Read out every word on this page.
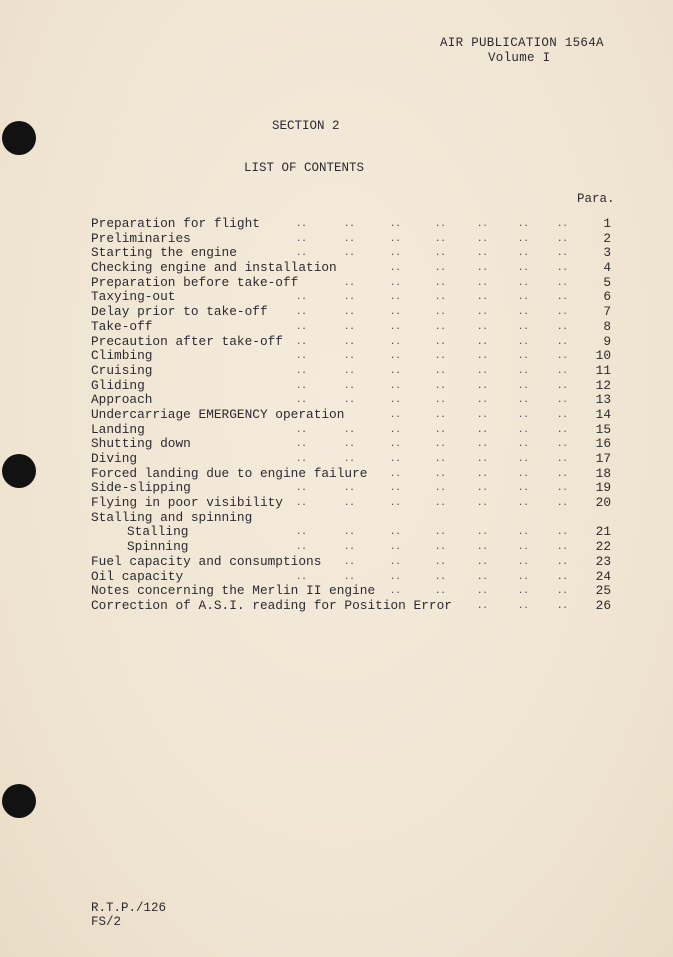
AIR PUBLICATION 1564A
Volume I
SECTION 2
LIST OF CONTENTS
Para.
Preparation for flight	1
..	..	..	..	..	..	..
Preliminaries	2
..	..	..	..	..	..	..
Starting the engine	3
..	..	..	..	..	..	..
Checking engine and installation	4
..	..	..	..	..
Preparation before take-off	5
..	..	..	..	..	..
Taxying-out	6
..	..	..	..	..	..	..
Delay prior to take-off	7
..	..	..	..	..	..	..
Take-off	8
..	..	..	..	..	..	..
Precaution after take-off	9
..	..	..	..	..	..	..
Climbing	10
..	..	..	..	..	..	..
Cruising	11
..	..	..	..	..	..	..
Gliding	12
..	..	..	..	..	..	..
Approach	13
..	..	..	..	..	..	..
Undercarriage EMERGENCY operation	14
..	..	..	..	..
Landing	15
..	..	..	..	..	..	..
Shutting down	16
..	..	..	..	..	..	..
Diving	17
..	..	..	..	..	..	..
Forced landing due to engine failure	18
..	..	..	..	..
Side-slipping	19
..	..	..	..	..	..	..
Flying in poor visibility	20
..	..	..	..	..	..	..
Stalling and spinning
Stalling	21
..	..	..	..	..	..	..
Spinning	22
..	..	..	..	..	..	..
Fuel capacity and consumptions	23
..	..	..	..	..	..
Oil capacity	24
..	..	..	..	..	..	..
Notes concerning the Merlin II engine	25
..	..	..	..	..
Correction of A.S.I. reading for Position Error	26
..	..	..
R.T.P./126
FS/2
